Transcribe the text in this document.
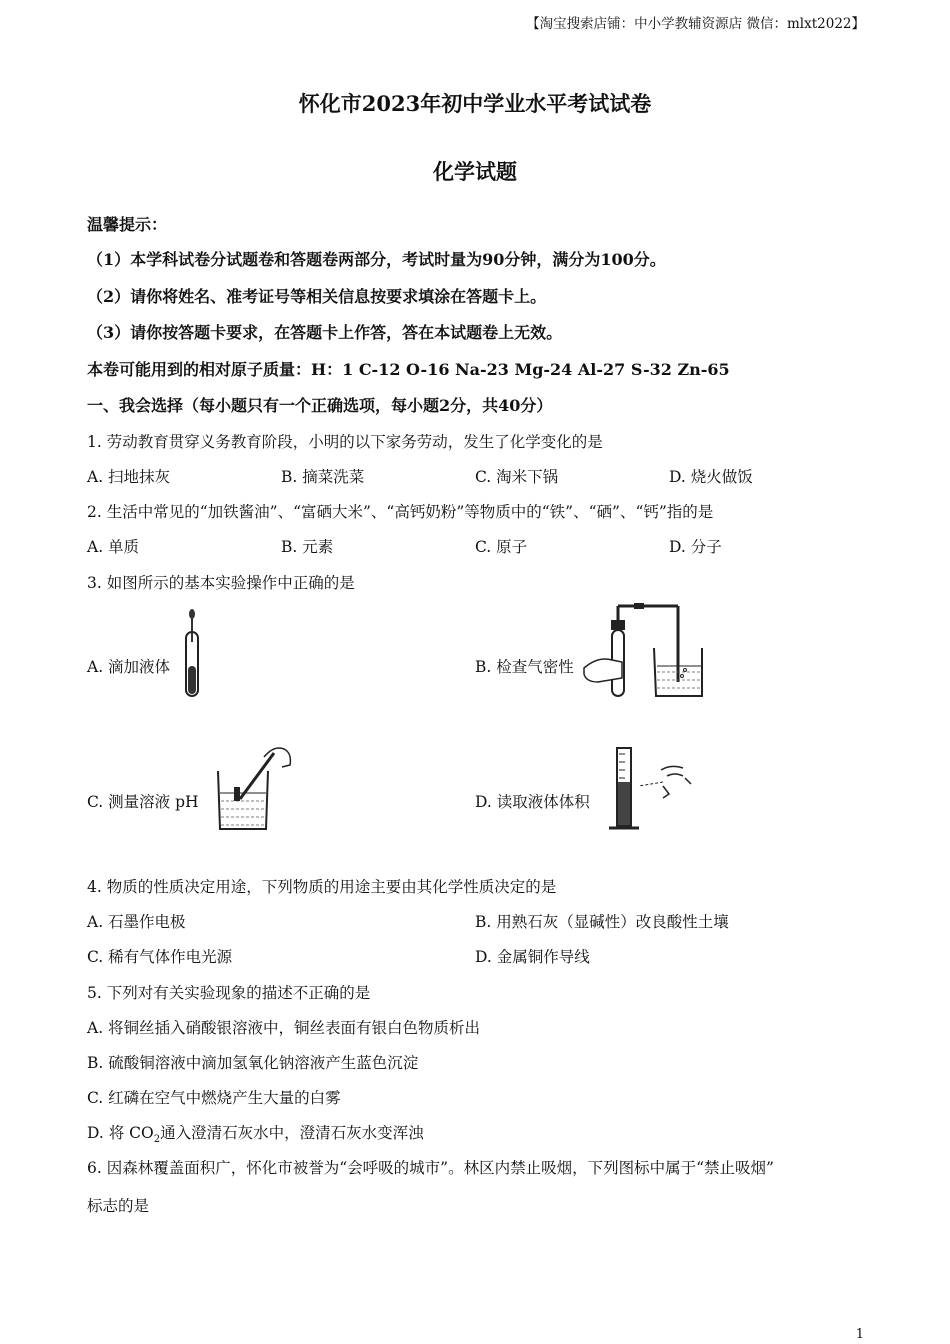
【淘宝搜索店铺：中小学教辅资源店 微信：mlxt2022】
怀化市2023年初中学业水平考试试卷
化学试题
温馨提示：
（1）本学科试卷分试题卷和答题卷两部分，考试时量为90分钟，满分为100分。
（2）请你将姓名、准考证号等相关信息按要求填涂在答题卡上。
（3）请你按答题卡要求，在答题卡上作答，答在本试题卷上无效。
本卷可能用到的相对原子质量：H：1 C-12 O-16 Na-23 Mg-24 Al-27 S-32 Zn-65
一、我会选择（每小题只有一个正确选项，每小题2分，共40分）
1. 劳动教育贯穿义务教育阶段，小明的以下家务劳动，发生了化学变化的是
A. 扫地抹灰	B. 摘菜洗菜	C. 淘米下锅	D. 烧火做饭
2. 生活中常见的“加铁酱油”、“富硒大米”、“高钙奶粉”等物质中的“铁”、“硒”、“钙”指的是
A. 单质	B. 元素	C. 原子	D. 分子
3. 如图所示的基本实验操作中正确的是
A. 滴加液体	B. 检查气密性
C. 测量溶液 pH	D. 读取液体体积
4. 物质的性质决定用途，下列物质的用途主要由其化学性质决定的是
A. 石墨作电极	B. 用熟石灰（显碱性）改良酸性土壤
C. 稀有气体作电光源	D. 金属铜作导线
5. 下列对有关实验现象的描述不正确的是
A. 将铜丝插入硝酸银溶液中，铜丝表面有银白色物质析出
B. 硫酸铜溶液中滴加氢氧化钠溶液产生蓝色沉淀
C. 红磷在空气中燃烧产生大量的白雾
D. 将 $CO_2$通入澄清石灰水中，澄清石灰水变浑浊
6. 因森林覆盖面积广，怀化市被誉为“会呼吸的城市”。林区内禁止吸烟，下列图标中属于“禁止吸烟”
标志的是
1
